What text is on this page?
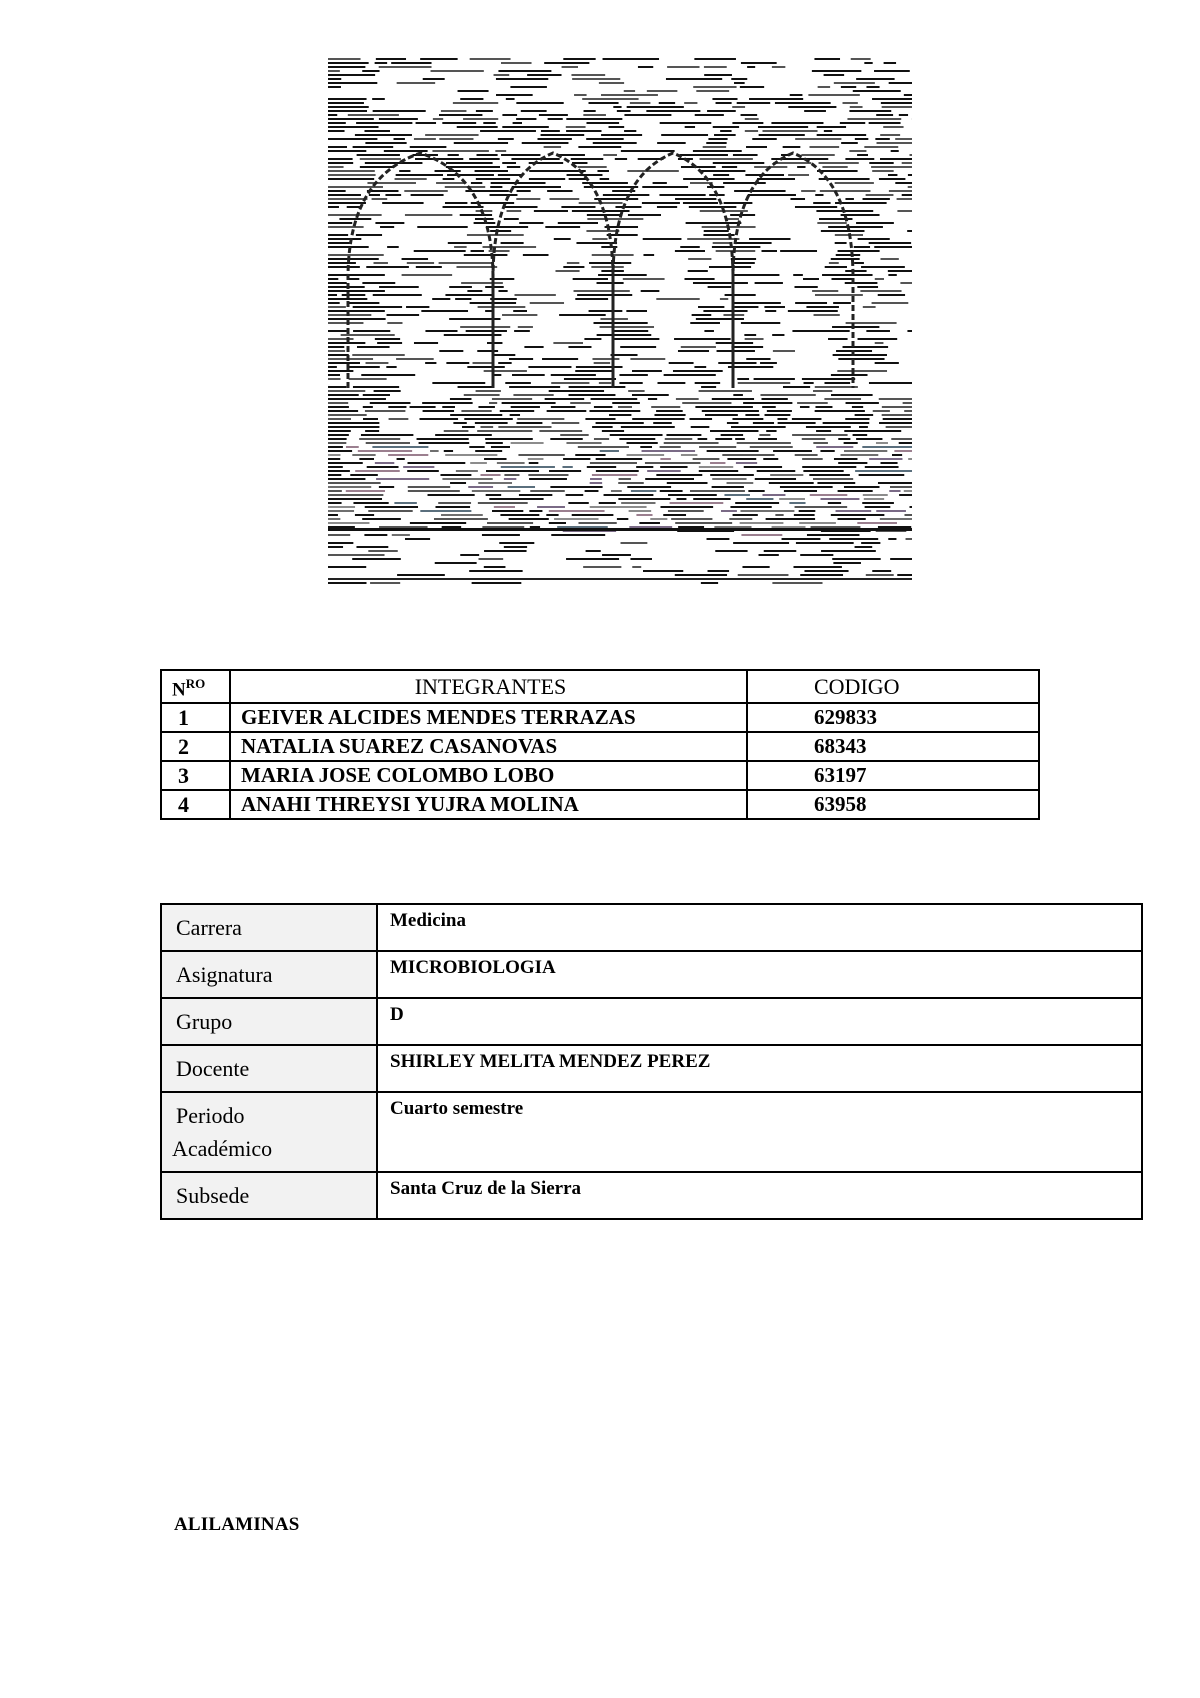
$N^{RO}$	INTEGRANTES	CODIGO
1	GEIVER ALCIDES MENDES TERRAZAS	629833
2	NATALIA SUAREZ CASANOVAS	68343
3	MARIA JOSE COLOMBO LOBO	63197
4	ANAHI THREYSI YUJRA MOLINA	63958
Carrera	Medicina
Asignatura	MICROBIOLOGIA
Grupo	D
Docente	SHIRLEY MELITA MENDEZ PEREZ

Periodo
Académico	Cuarto semestre
Subsede	Santa Cruz de la Sierra
ALILAMINAS
